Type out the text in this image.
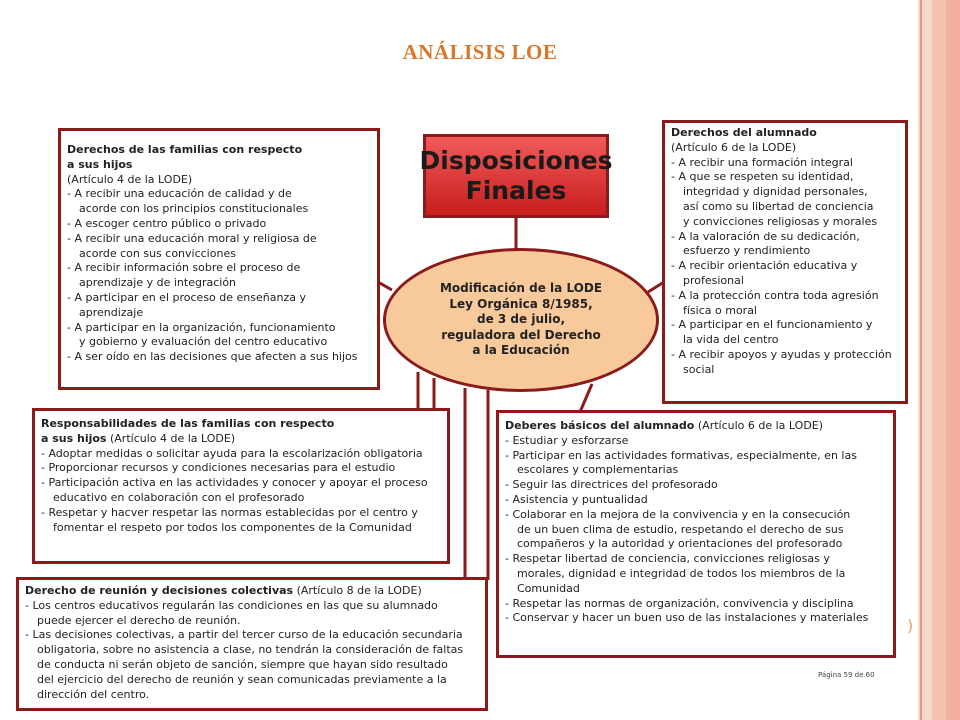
ANÁLISIS LOE
Disposiciones
Finales
Modificación de la LODE
Ley Orgánica 8/1985,
de 3 de julio,
reguladora del Derecho
a la Educación
Derechos de las familias con respecto
a sus hijos
(Artículo 4 de la LODE)
- A recibir una educación de calidad y de
acorde con los principios constitucionales
- A escoger centro público o privado
- A recibir una educación moral y religiosa de
acorde con sus convicciones
- A recibir información sobre el proceso de
aprendizaje y de integración
- A participar en el proceso de enseñanza y
aprendizaje
- A participar en la organización, funcionamiento
y gobierno y evaluación del centro educativo
- A ser oído en las decisiones que afecten a sus hijos
Derechos del alumnado
(Artículo 6 de la LODE)
- A recibir una formación integral
- A que se respeten su identidad,
integridad y dignidad personales,
así como su libertad de conciencia
y convicciones religiosas y morales
- A la valoración de su dedicación,
esfuerzo y rendimiento
- A recibir orientación educativa y
profesional
- A la protección contra toda agresión
física o moral
- A participar en el funcionamiento y
la vida del centro
- A recibir apoyos y ayudas y protección
social
Responsabilidades de las familias con respecto
a sus hijos (Artículo 4 de la LODE)
- Adoptar medidas o solicitar ayuda para la escolarización obligatoria
- Proporcionar recursos y condiciones necesarias para el estudio
- Participación activa en las actividades y conocer y apoyar el proceso
educativo en colaboración con el profesorado
- Respetar y hacver respetar las normas establecidas por el centro y
fomentar el respeto por todos los componentes de la Comunidad
Deberes básicos del alumnado (Artículo 6 de la LODE)
- Estudiar y esforzarse
- Participar en las actividades formativas, especialmente, en las
escolares y complementarias
- Seguir las directrices del profesorado
- Asistencia y puntualidad
- Colaborar en la mejora de la convivencia y en la consecución
de un buen clima de estudio, respetando el derecho de sus
compañeros y la autoridad y orientaciones del profesorado
- Respetar libertad de conciencia, convicciones religiosas y
morales, dignidad e integridad de todos los miembros de la
Comunidad
- Respetar las normas de organización, convivencia y disciplina
- Conservar y hacer un buen uso de las instalaciones y materiales
Derecho de reunión y decisiones colectivas (Artículo 8 de la LODE)
- Los centros educativos regularán las condiciones en las que su alumnado
puede ejercer el derecho de reunión.
- Las decisiones colectivas, a partir del tercer curso de la educación secundaria
obligatoria, sobre no asistencia a clase, no tendrán la consideración de faltas
de conducta ni serán objeto de sanción, siempre que hayan sido resultado
del ejercicio del derecho de reunión y sean comunicadas previamente a la
dirección del centro.
Página 59 de 60
)
